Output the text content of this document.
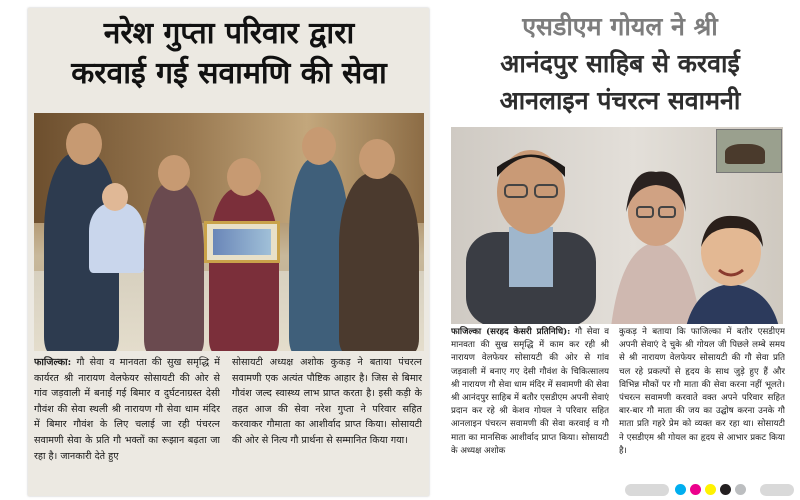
नरेश गुप्ता परिवार द्वारा
करवाई गई सवामणि की सेवा
फाजिल्का: गौ सेवा व मानवता की सुख समृद्धि में कार्यरत श्री नारायण वेलफेयर सोसायटी की ओर से गांव जड़वाली में बनाई गई बिमार व दुर्घटनाग्रस्त देसी गौवंश की सेवा स्थली श्री नारायण गौ सेवा धाम मंदिर में बिमार गौवंश के लिए चलाई जा रही पंचरत्न सवामणी सेवा के प्रति गौ भक्तों का रूझान बढ़ता जा रहा है। जानकारी देते हुए
सोसायटी अध्यक्ष अशोक कुकड़ ने बताया पंचरत्न सवामणी एक अत्यंत पौष्टिक आहार है। जिस से बिमार गौवंश जल्द स्वास्थ्य लाभ प्राप्त करता है। इसी कड़ी के तहत आज की सेवा नरेश गुप्ता ने परिवार सहित करवाकर गौमाता का आशीर्वाद प्राप्त किया। सोसायटी की ओर से नित्य गौ प्रार्थना से सम्मानित किया गया।
एसडीएम गोयल ने श्री
आनंदपुर साहिब से करवाई
आनलाइन पंचरत्न सवामनी
फाजिल्का (सरहद केसरी प्रतिनिधि): गौ सेवा व मानवता की सुख समृद्धि में काम कर रही श्री नारायण वेलफेयर सोसायटी की ओर से गांव जड़वाली में बनाए गए देसी गौवंश के चिकित्सालय श्री नारायण गौ सेवा धाम मंदिर में सवामणी की सेवा श्री आनंदपुर साहिब में बतौर एसडीएम अपनी सेवाएं प्रदान कर रहे श्री केशव गोयल ने परिवार सहित आनलाइन पंचरत्न सवामणी की सेवा करवाई व गौ माता का मानसिक आशीर्वाद प्राप्त किया। सोसायटी के अध्यक्ष अशोक
कुकड़ ने बताया कि फाजिल्का में बतौर एसडीएम अपनी सेवाएं दे चुके श्री गोयल जी पिछले लम्बे समय से श्री नारायण वेलफेयर सोसायटी की गौ सेवा प्रति चल रहे प्रकल्पों से हृदय के साथ जुड़े हुए हैं और विभिन्न मौकों पर गौ माता की सेवा करना नहीं भूलते। पंचरत्न सवामणी करवाते वक्त अपने परिवार सहित बार-बार गौ माता की जय का उद्घोष करना उनके गौ माता प्रति गहरे प्रेम को व्यक्त कर रहा था। सोसायटी ने एसडीएम श्री गोयल का हृदय से आभार प्रकट किया है।
